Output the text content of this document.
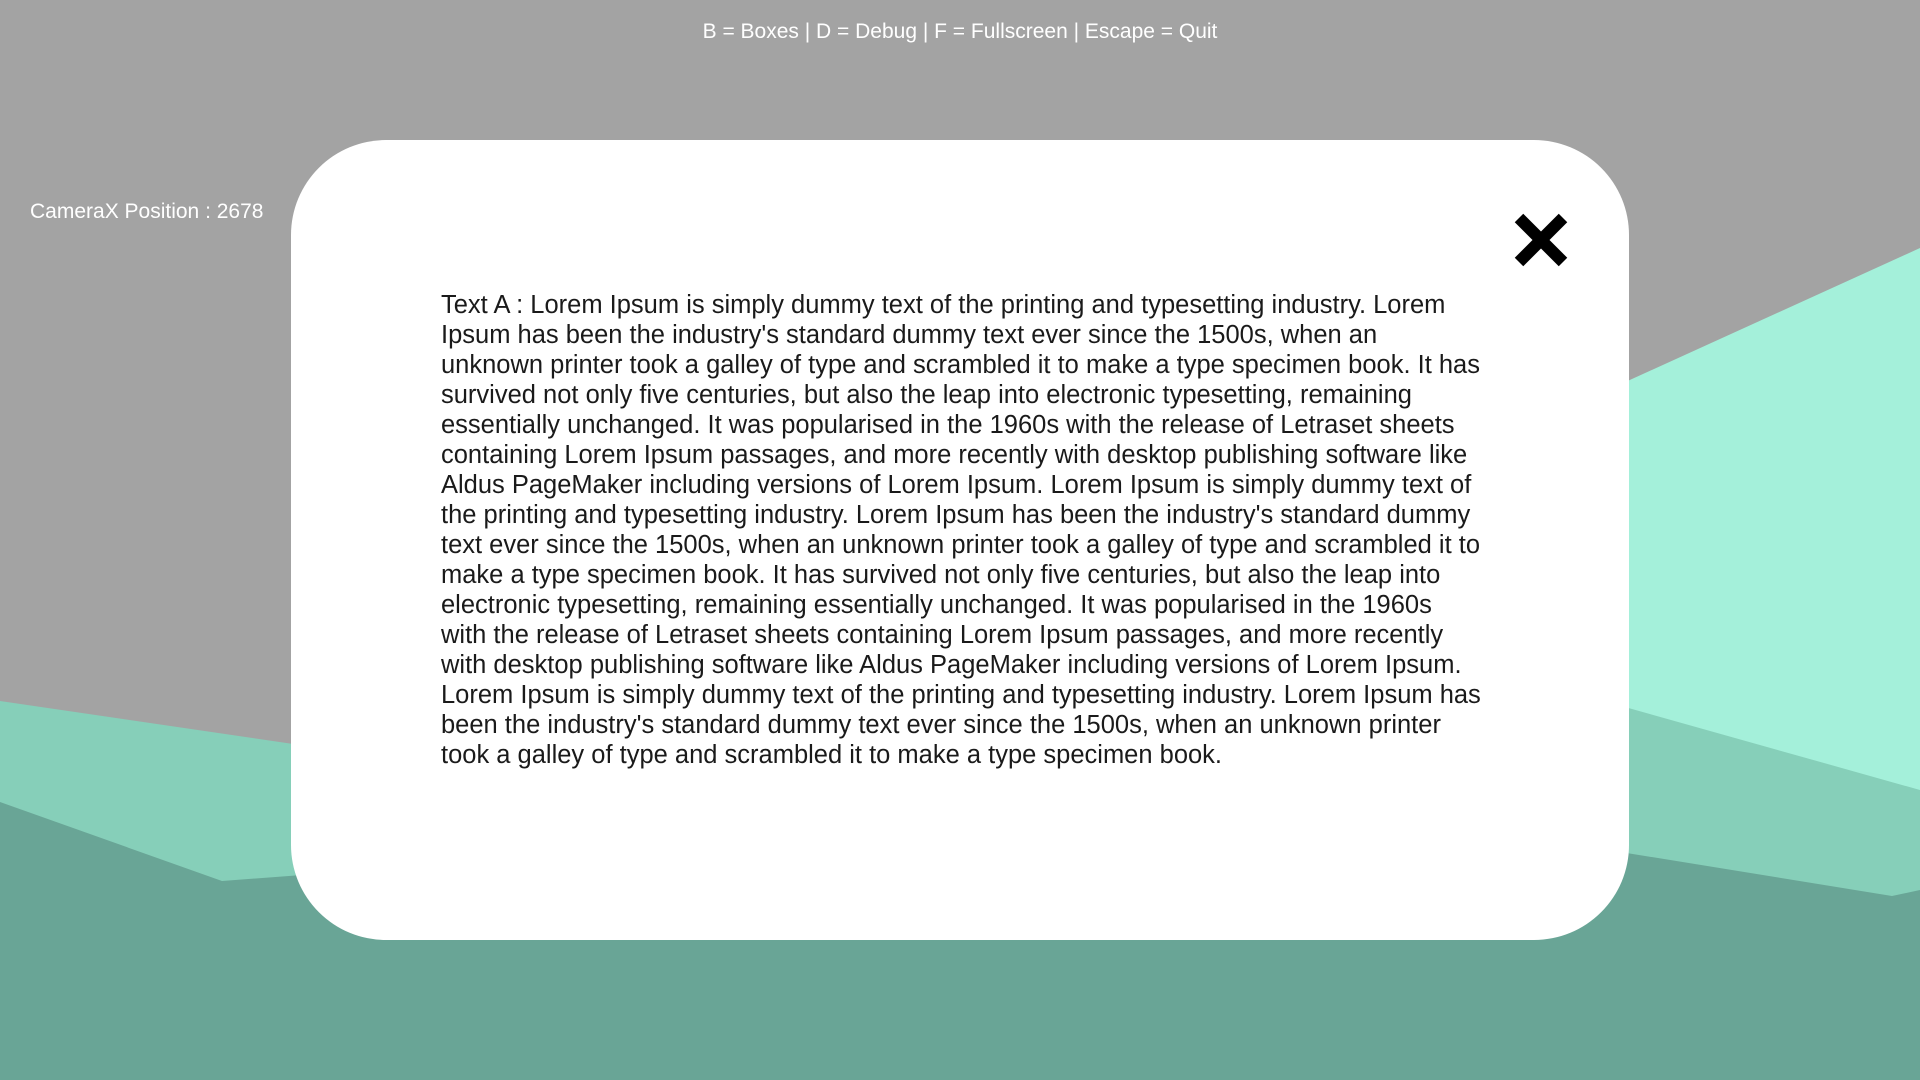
B = Boxes | D = Debug | F = Fullscreen | Escape = Quit
CameraX Position : 2678
Text A : Lorem Ipsum is simply dummy text of the printing and typesetting industry. Lorem Ipsum has been the industry's standard dummy text ever since the 1500s, when an unknown printer took a galley of type and scrambled it to make a type specimen book. It has survived not only five centuries, but also the leap into electronic typesetting, remaining essentially unchanged. It was popularised in the 1960s with the release of Letraset sheets containing Lorem Ipsum passages, and more recently with desktop publishing software like Aldus PageMaker including versions of Lorem Ipsum. Lorem Ipsum is simply dummy text of the printing and typesetting industry. Lorem Ipsum has been the industry's standard dummy text ever since the 1500s, when an unknown printer took a galley of type and scrambled it to make a type specimen book. It has survived not only five centuries, but also the leap into electronic typesetting, remaining essentially unchanged. It was popularised in the 1960s with the release of Letraset sheets containing Lorem Ipsum passages, and more recently with desktop publishing software like Aldus PageMaker including versions of Lorem Ipsum. Lorem Ipsum is simply dummy text of the printing and typesetting industry. Lorem Ipsum has been the industry's standard dummy text ever since the 1500s, when an unknown printer took a galley of type and scrambled it to make a type specimen book.
